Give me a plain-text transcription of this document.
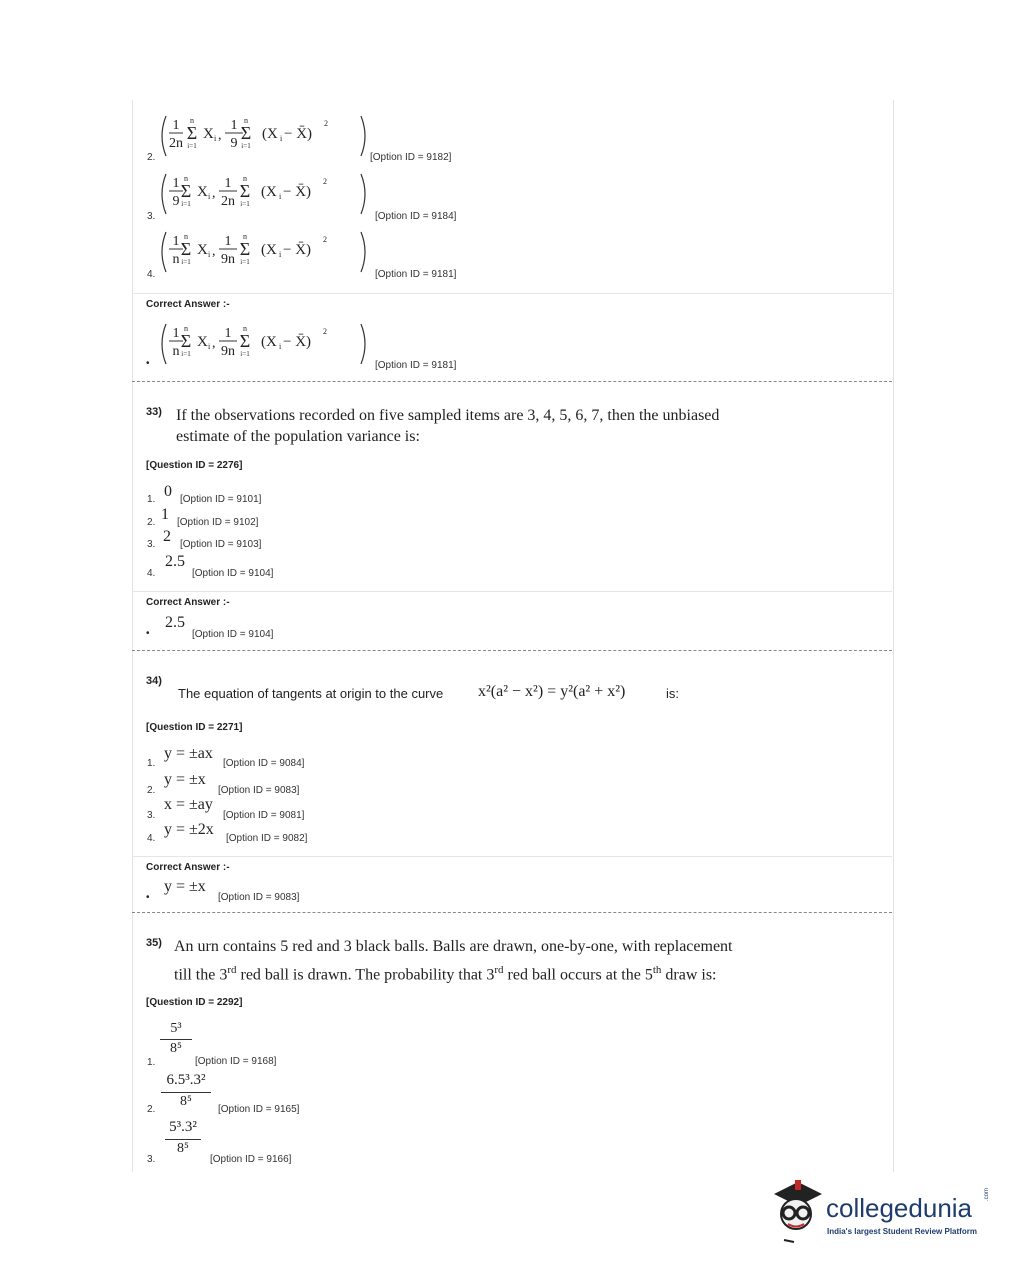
2.
1
2n
n
Σ
i=1
X i ,
1
9
n
Σ
i=1
(X i − X̄)
2
[Option ID = 9182]
3.
1
9
n
Σ
i=1
X i ,
1
2n
n
Σ
i=1
(X i − X̄)
2
[Option ID = 9184]
4.
1
n
n
Σ
i=1
X i ,
1
9n
n
Σ
i=1
(X i − X̄)
2
[Option ID = 9181]
Correct Answer :-
•
1
n
n
Σ
i=1
X i ,
1
9n
n
Σ
i=1
(X i − X̄)
2
[Option ID = 9181]
33) If the observations recorded on five sampled items are 3, 4, 5, 6, 7, then the unbiased
estimate of the population variance is:
[Question ID = 2276]
1. 0 [Option ID = 9101]
2. 1 [Option ID = 9102]
3. 2 [Option ID = 9103]
4.
2.5
[Option ID = 9104]
Correct Answer :-
•
2.5
[Option ID = 9104]
34)
The equation of tangents at origin to the curve x²(a² − x²) = y²(a² + x²)	is:
[Question ID = 2271]
1.
y = ±ax
[Option ID = 9084]
2.
y = ±x
[Option ID = 9083]
3.
x = ±ay
[Option ID = 9081]
4.
y = ±2x
[Option ID = 9082]
Correct Answer :-
•
y = ±x
[Option ID = 9083]
35) An urn contains 5 red and 3 black balls. Balls are drawn, one-by-one, with replacement
till the 3rd red ball is drawn. The probability that 3rd red ball occurs at the 5th draw is:
[Question ID = 2292]
$\frac{\text{5³}}{\text{8⁵}}$
1.	[Option ID = 9168]
$\frac{\text{6.5³.3²}}{\text{8⁵}}$
2.	[Option ID = 9165]
$\frac{\text{5³.3²}}{\text{8⁵}}$
3.	[Option ID = 9166]
collegedunia .com
India's largest Student Review Platform
